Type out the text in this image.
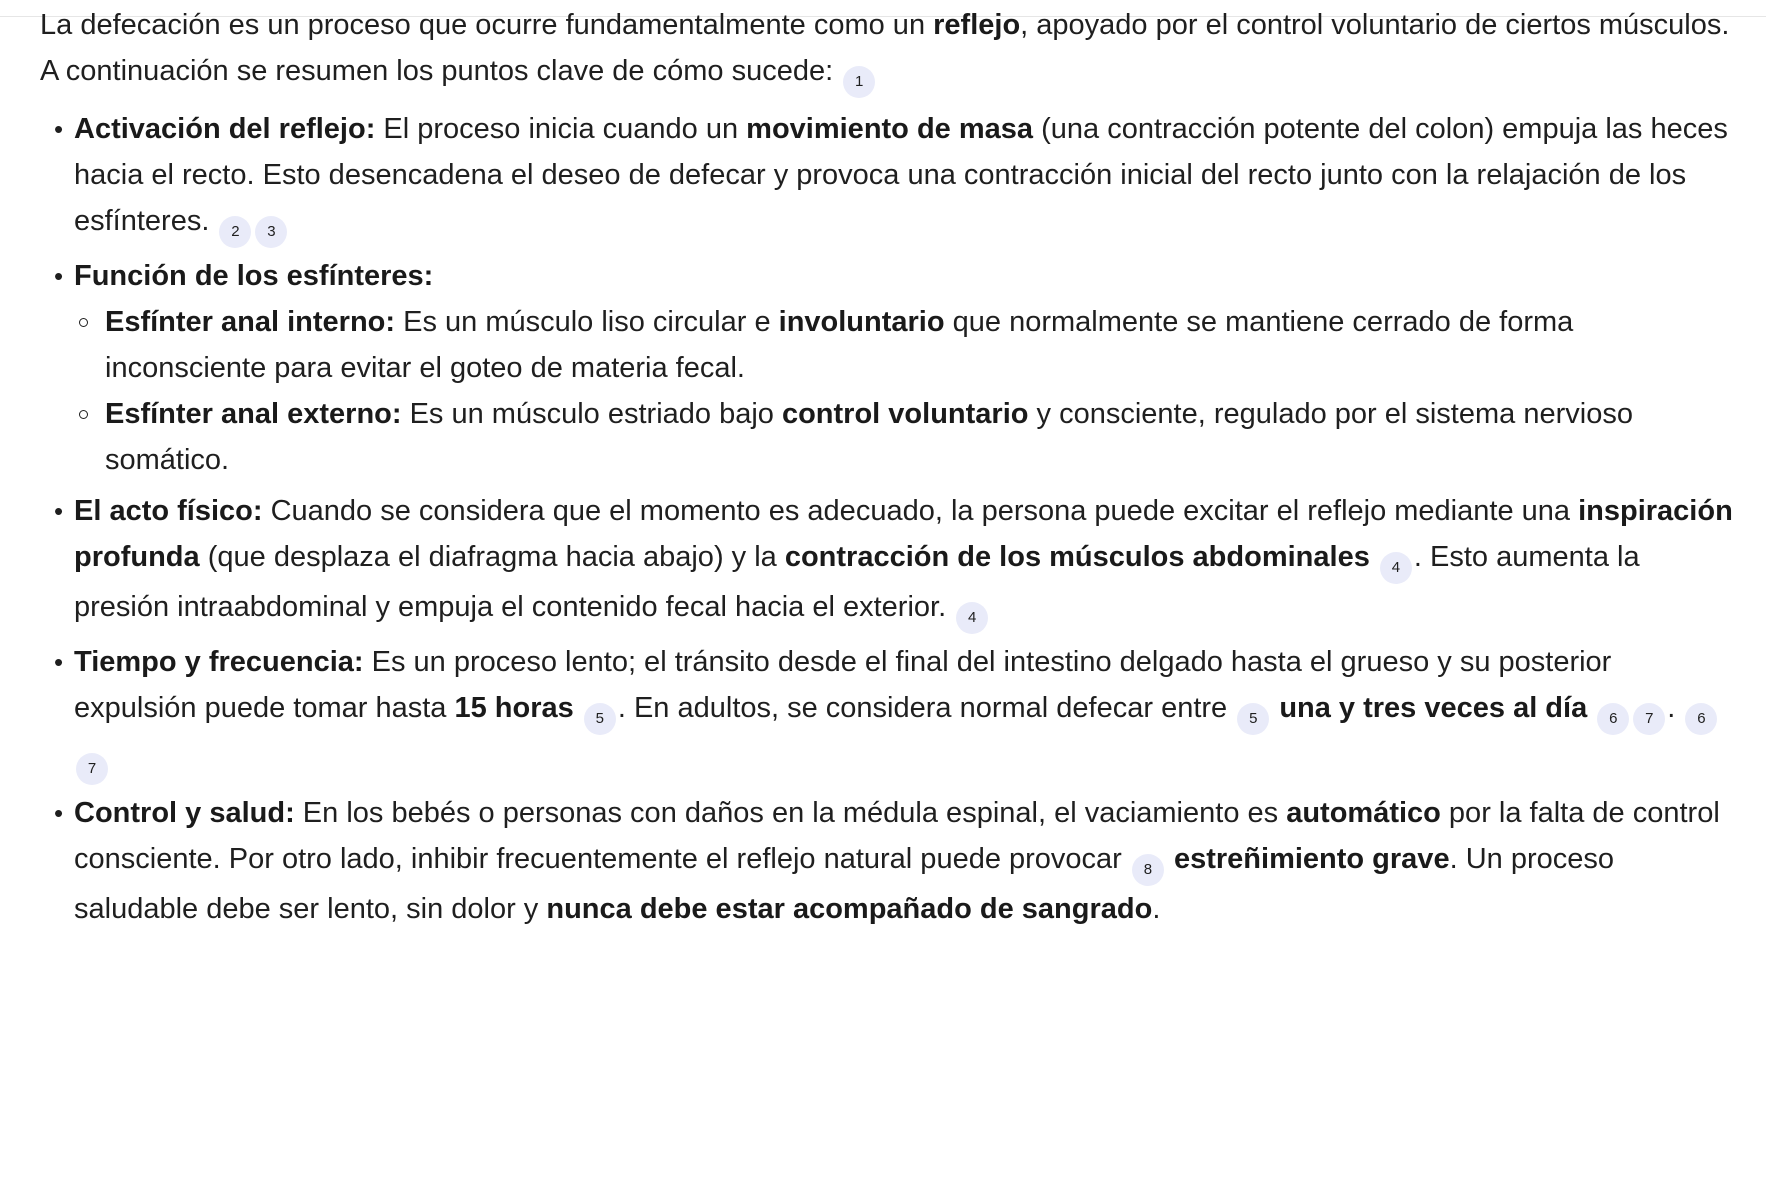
La defecación es un proceso que ocurre fundamentalmente como un reflejo, apoyado por el control voluntario de ciertos músculos. A continuación se resumen los puntos clave de cómo sucede: 1

• Activación del reflejo: El proceso inicia cuando un movimiento de masa (una contracción potente del colon) empuja las heces hacia el recto. Esto desencadena el deseo de defecar y provoca una contracción inicial del recto junto con la relajación de los esfínteres. 2 3
• Función de los esfínteres:
Esfínter anal interno: Es un músculo liso circular e involuntario que normalmente se mantiene cerrado de forma inconsciente para evitar el goteo de materia fecal.
Esfínter anal externo: Es un músculo estriado bajo control voluntario y consciente, regulado por el sistema nervioso somático.
• El acto físico: Cuando se considera que el momento es adecuado, la persona puede excitar el reflejo mediante una inspiración profunda (que desplaza el diafragma hacia abajo) y la contracción de los músculos abdominales 4 . Esto aumenta la presión intraabdominal y empuja el contenido fecal hacia el exterior. 4
• Tiempo y frecuencia: Es un proceso lento; el tránsito desde el final del intestino delgado hasta el grueso y su posterior expulsión puede tomar hasta 15 horas 5 . En adultos, se considera normal defecar entre 5 una y tres veces al día 6 7 . 67
• Control y salud: En los bebés o personas con daños en la médula espinal, el vaciamiento es automático por la falta de control consciente. Por otro lado, inhibir frecuentemente el reflejo natural puede provocar 8 estreñimiento grave. Un proceso saludable debe ser lento, sin dolor y nunca debe estar acompañado de sangrado.
